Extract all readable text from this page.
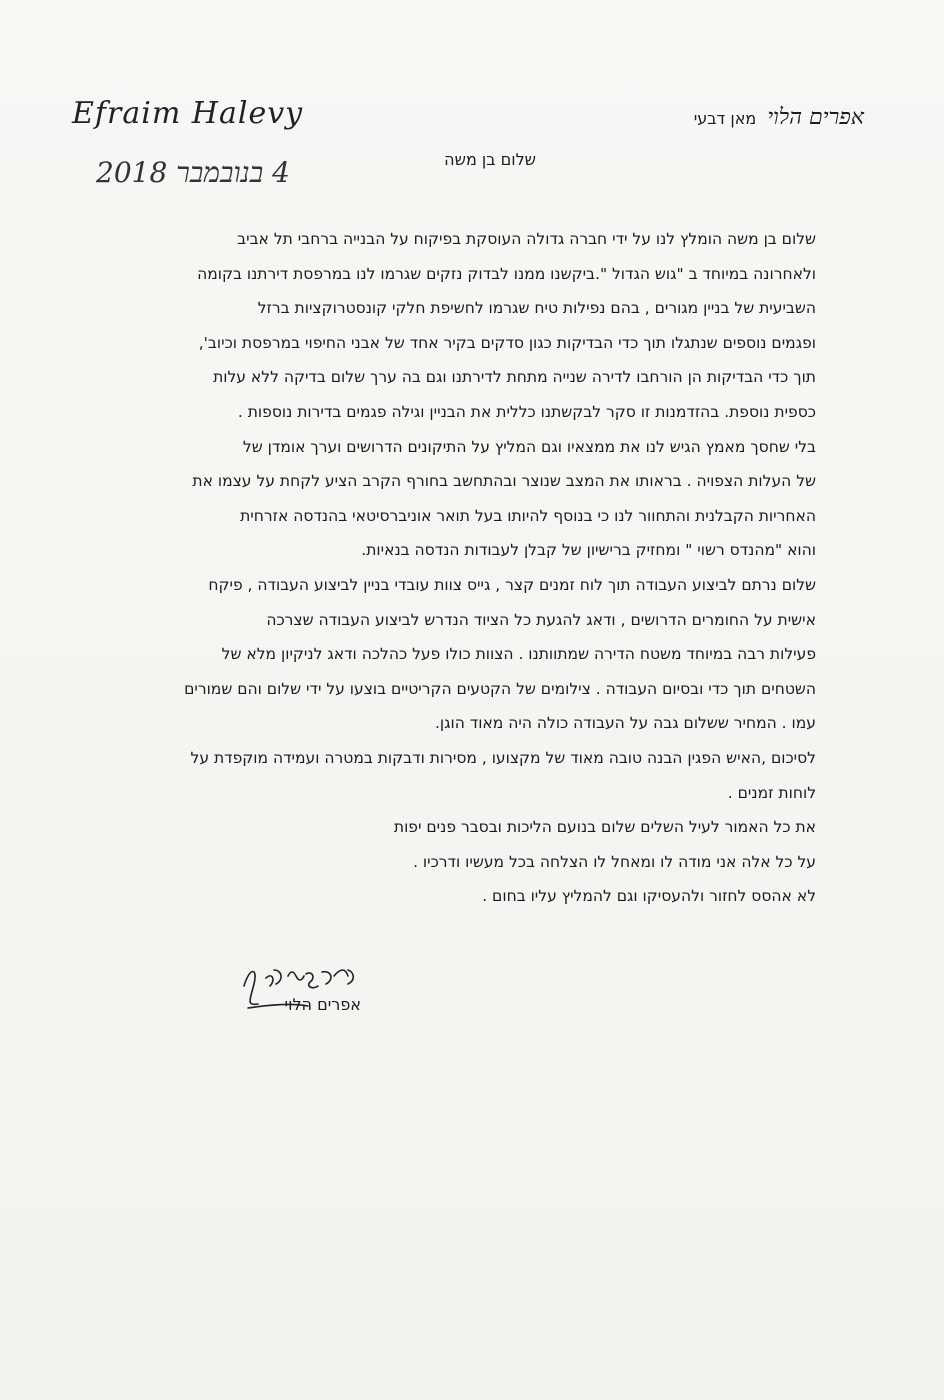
Efraim Halevy
4 בנובמבר 2018
אפרים הלוי מאן דבעי
שלום בן משה
שלום בן משה הומלץ לנו על ידי חברה גדולה העוסקת בפיקוח על הבנייה ברחבי תל אביב
ולאחרונה במיוחד ב "גוש הגדול ".ביקשנו ממנו לבדוק נזקים שגרמו לנו במרפסת דירתנו בקומה
השביעית של בניין מגורים , בהם נפילות טיח שגרמו לחשיפת חלקי קונסטרוקציות ברזל
ופגמים נוספים שנתגלו תוך כדי הבדיקות כגון סדקים בקיר אחד של אבני החיפוי במרפסת וכיוב',
תוך כדי הבדיקות הן הורחבו לדירה שנייה מתחת לדירתנו וגם בה ערך שלום בדיקה ללא עלות
כספית נוספת. בהזדמנות זו סקר לבקשתנו כללית את הבניין וגילה פגמים בדירות נוספות .
בלי שחסך מאמץ הגיש לנו את ממצאיו וגם המליץ על התיקונים הדרושים וערך אומדן של
של העלות הצפויה . בראותו את המצב שנוצר ובהתחשב בחורף הקרב הציע לקחת על עצמו את
האחריות הקבלנית והתחוור לנו כי בנוסף להיותו בעל תואר אוניברסיטאי בהנדסה אזרחית
והוא "מהנדס רשוי " ומחזיק ברישיון של קבלן לעבודות הנדסה בנאיות.
שלום נרתם לביצוע העבודה תוך לוח זמנים קצר , גייס צוות עובדי בניין לביצוע העבודה , פיקח
אישית על החומרים הדרושים , ודאג להגעת כל הציוד הנדרש לביצוע העבודה שצרכה
פעילות רבה במיוחד משטח הדירה שמתוותנו . הצוות כולו פעל כהלכה ודאג לניקיון מלא של
השטחים תוך כדי ובסיום העבודה . צילומים של הקטעים הקריטיים בוצעו על ידי שלום והם שמורים
עמו . המחיר ששלום גבה על העבודה כולה היה מאוד הוגן.
לסיכום ,האיש הפגין הבנה טובה מאוד של מקצועו , מסירות ודבקות במטרה ועמידה מוקפדת על
לוחות זמנים .
את כל האמור לעיל השלים שלום בנועם הליכות ובסבר פנים יפות
על כל אלה אני מודה לו ומאחל לו הצלחה בכל מעשיו ודרכיו .
לא אהסס לחזור ולהעסיקו וגם להמליץ עליו בחום .
אפרים הלוי
